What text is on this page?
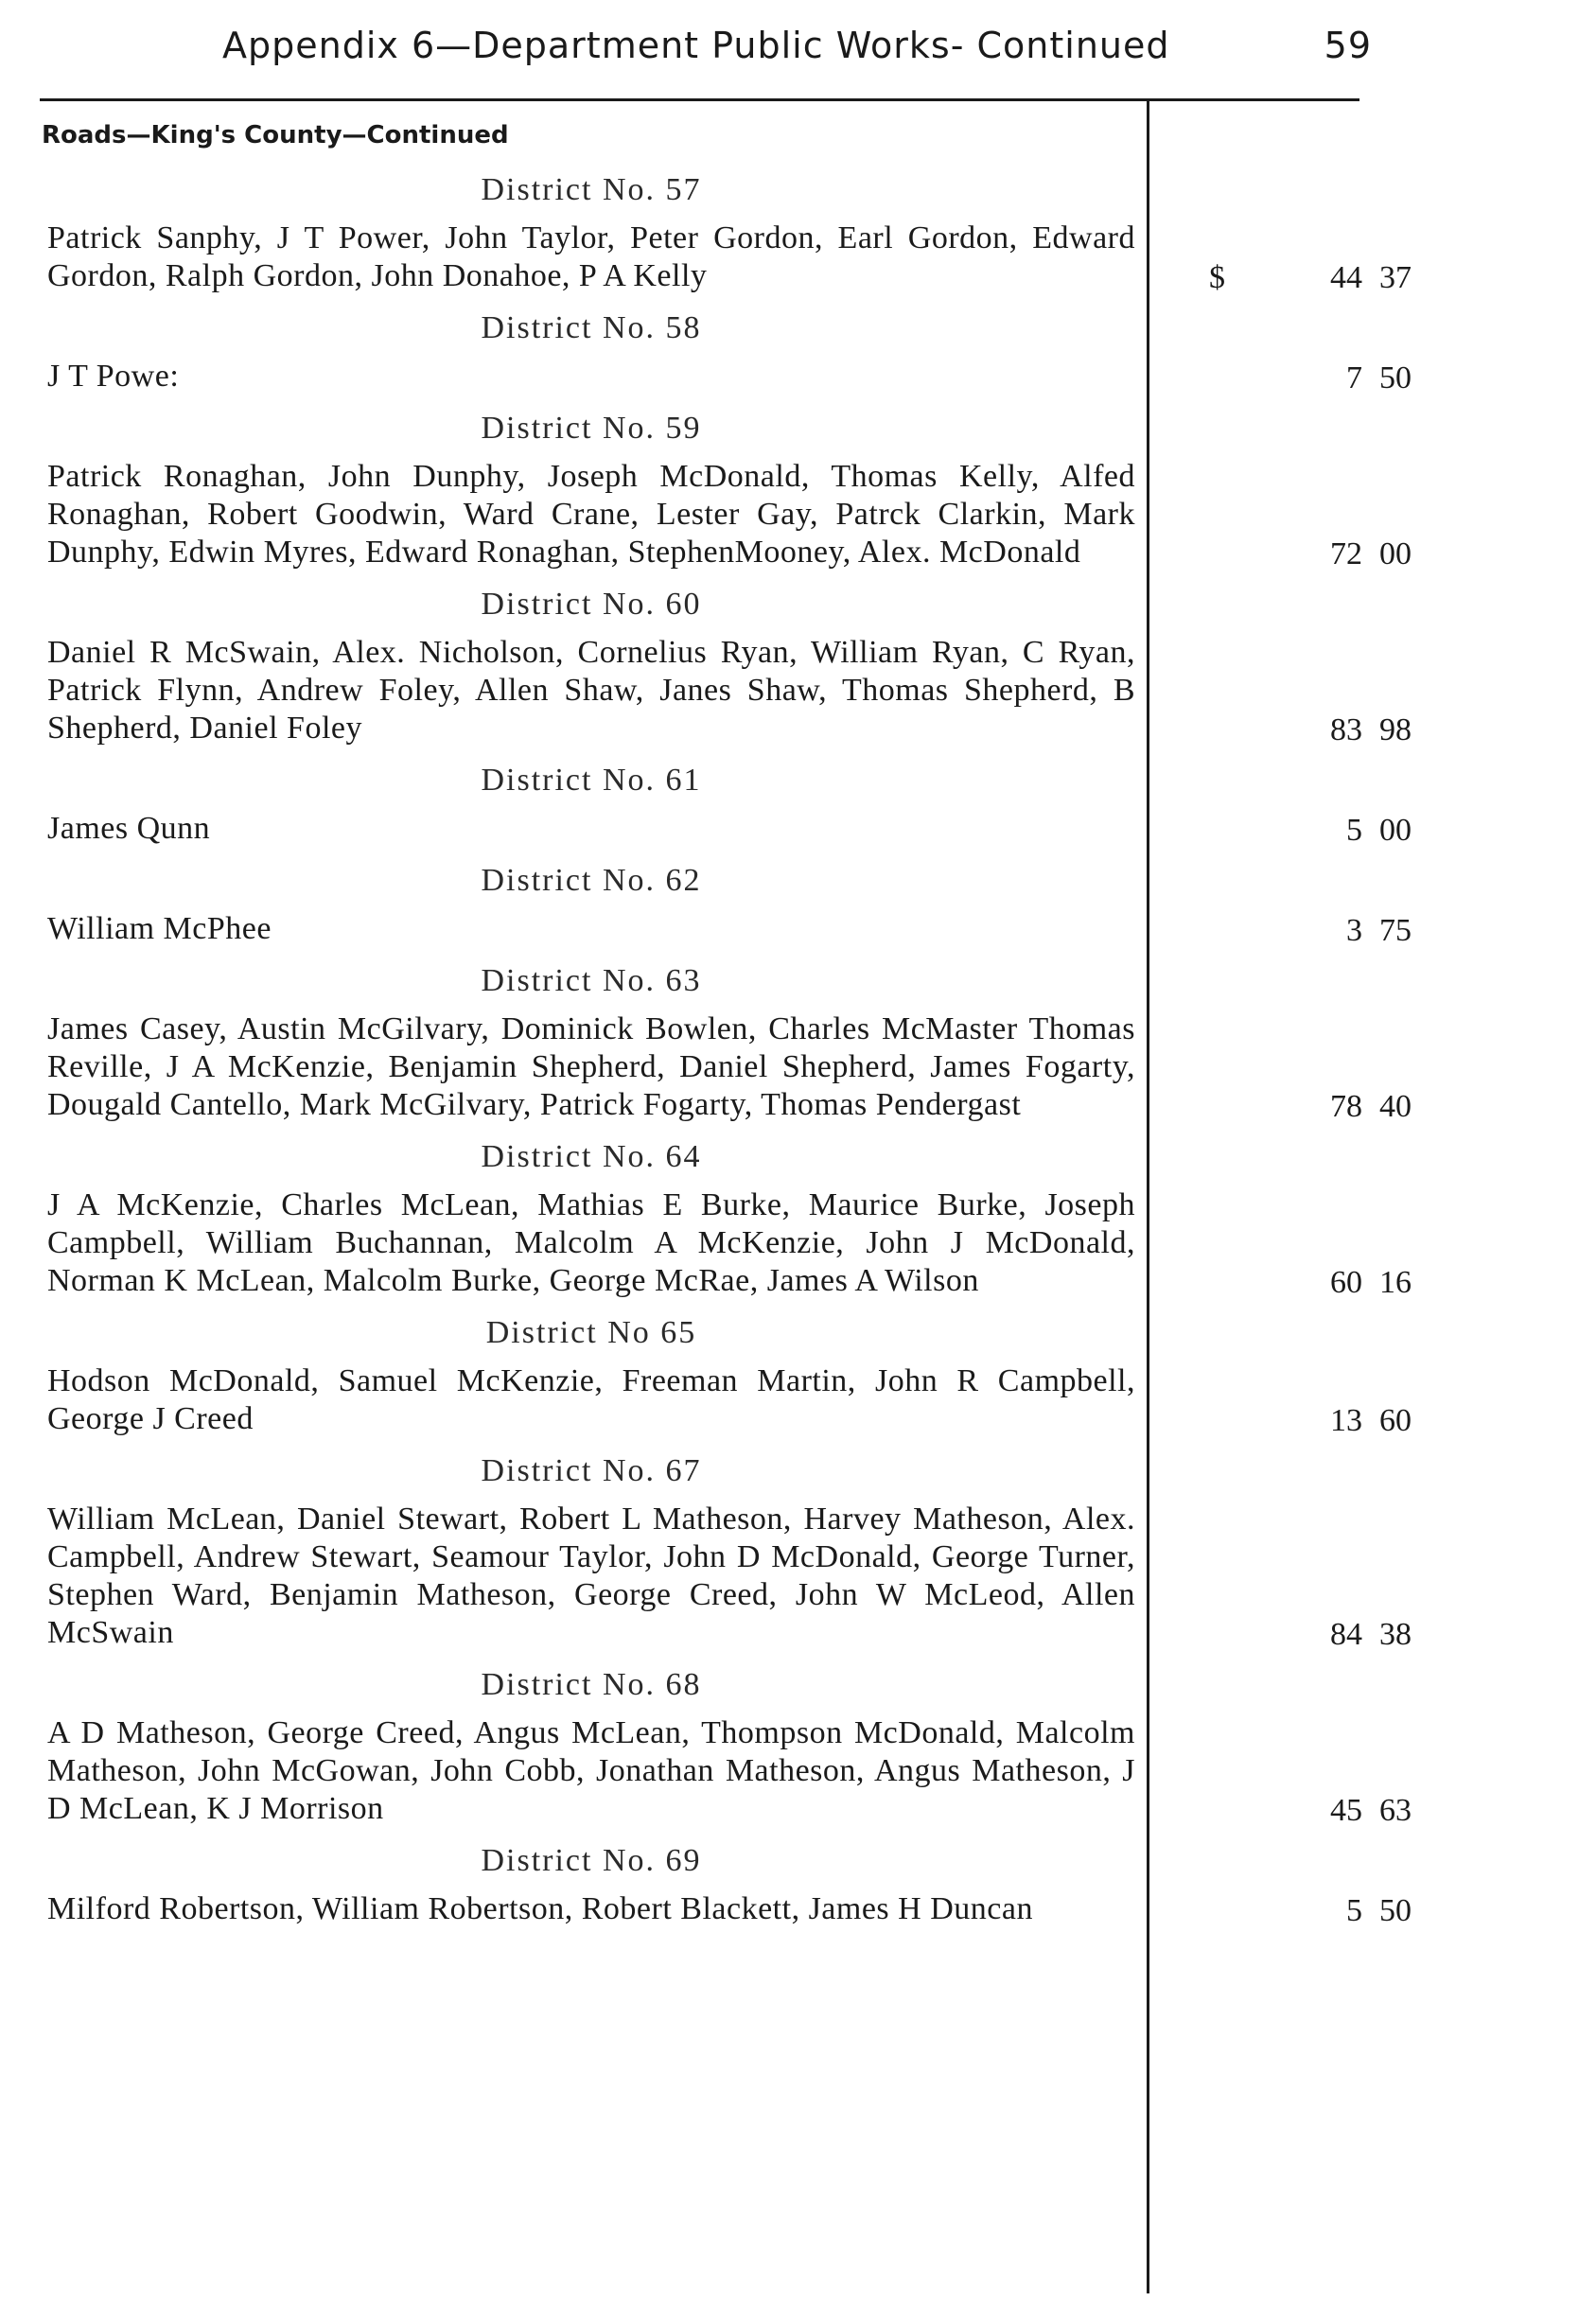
Appendix 6—Department Public Works- Continued	59
Roads—King's County—Continued
District No. 57
Patrick Sanphy, J T Power, John Taylor, Peter Gordon, Earl Gordon, Edward Gordon, Ralph Gordon, John Donahoe, P A Kelly	$	44 37
District No. 58
J T Powe:	7 50
District No. 59
Patrick Ronaghan, John Dunphy, Joseph McDonald, Thomas Kelly, Alfed Ronaghan, Robert Goodwin, Ward Crane, Lester Gay, Patrck Clarkin, Mark Dunphy, Edwin Myres, Edward Ronaghan, StephenMooney, Alex. McDonald	72 00
District No. 60
Daniel R McSwain, Alex. Nicholson, Cornelius Ryan, William Ryan, C Ryan, Patrick Flynn, Andrew Foley, Allen Shaw, Janes Shaw, Thomas Shepherd, B Shepherd, Daniel Foley	83 98
District No. 61
James Qunn	5 00
District No. 62
William McPhee	3 75
District No. 63
James Casey, Austin McGilvary, Dominick Bowlen, Charles McMaster Thomas Reville, J A McKenzie, Benjamin Shepherd, Daniel Shepherd, James Fogarty, Dougald Cantello, Mark McGilvary, Patrick Fogarty, Thomas Pendergast	78 40
District No. 64
J A McKenzie, Charles McLean, Mathias E Burke, Maurice Burke, Joseph Campbell, William Buchannan, Malcolm A McKenzie, John J McDonald, Norman K McLean, Malcolm Burke, George McRae, James A Wilson	60 16
District No 65
Hodson McDonald, Samuel McKenzie, Freeman Martin, John R Campbell, George J Creed	13 60
District No. 67
William McLean, Daniel Stewart, Robert L Matheson, Harvey Matheson, Alex. Campbell, Andrew Stewart, Seamour Taylor, John D McDonald, George Turner, Stephen Ward, Benjamin Matheson, George Creed, John W McLeod, Allen McSwain	84 38
District No. 68
A D Matheson, George Creed, Angus McLean, Thompson McDonald, Malcolm Matheson, John McGowan, John Cobb, Jonathan Matheson, Angus Matheson, J D McLean, K J Morrison	45 63
District No. 69
Milford Robertson, William Robertson, Robert Blackett, James H Duncan	5 50
